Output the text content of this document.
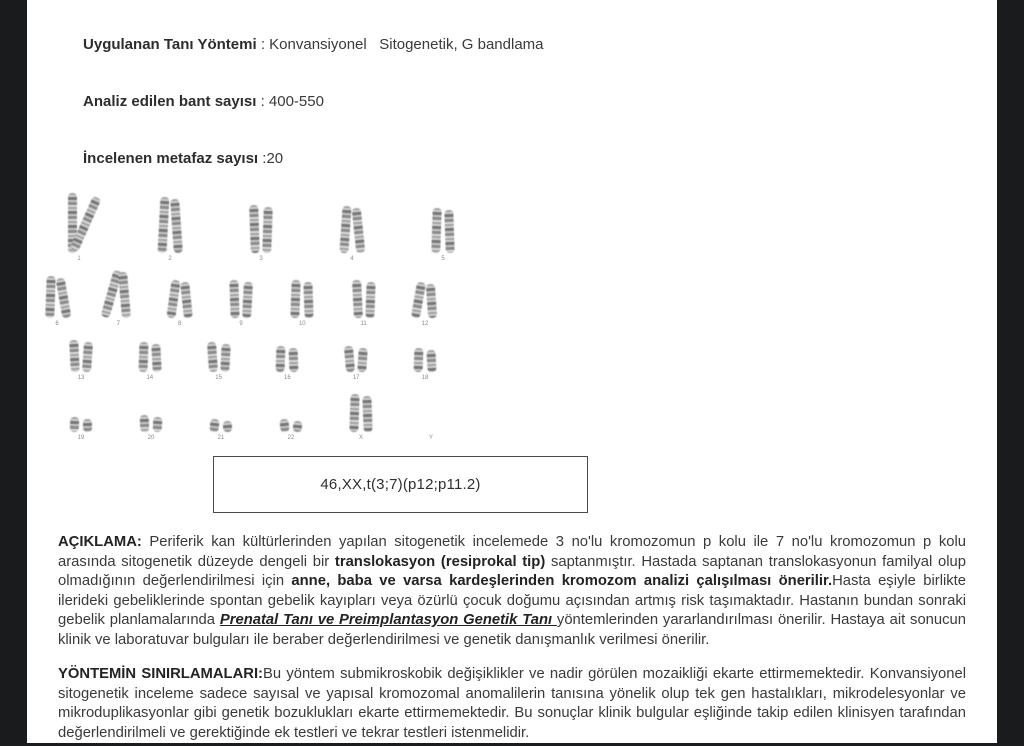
Uygulanan Tanı Yöntemi : Konvansiyonel   Sitogenetik, G bandlama

Analiz edilen bant sayısı : 400-550

İncelenen metafaz sayısı :20

1	2	3	4	5
6	7	8	9	10	11	12
13	14	15	16	17	18
19	20	21	22	X	Y
46,XX,t(3;7)(p12;p11.2)

AÇIKLAMA: Periferik kan kültürlerinden yapılan sitogenetik incelemede 3 no'lu kromozomun p kolu ile 7 no'lu kromozomun p kolu arasında sitogenetik düzeyde dengeli bir translokasyon (resiprokal tip) saptanmıştır. Hastada saptanan translokasyonun familyal olup olmadığının değerlendirilmesi için anne, baba ve varsa kardeşlerinden kromozom analizi çalışılması önerilir.Hasta eşiyle birlikte ilerideki gebeliklerinde spontan gebelik kayıpları veya özürlü çocuk doğumu açısından artmış risk taşımaktadır. Hastanın bundan sonraki gebelik planlamalarında Prenatal Tanı ve Preimplantasyon Genetik Tanı yöntemlerinden yararlandırılması önerilir. Hastaya ait sonucun klinik ve laboratuvar bulguları ile beraber değerlendirilmesi ve genetik danışmanlık verilmesi önerilir.

YÖNTEMİN SINIRLAMALARI:Bu yöntem submikroskobik değişiklikler ve nadir görülen mozaikliği ekarte ettirmemektedir. Konvansiyonel sitogenetik inceleme sadece sayısal ve yapısal kromozomal anomalilerin tanısına yönelik olup tek gen hastalıkları, mikrodelesyonlar ve mikroduplikasyonlar gibi genetik bozuklukları ekarte ettirmemektedir. Bu sonuçlar klinik bulgular eşliğinde takip edilen klinisyen tarafından değerlendirilmeli ve gerektiğinde ek testleri ve tekrar testleri istenmelidir.
